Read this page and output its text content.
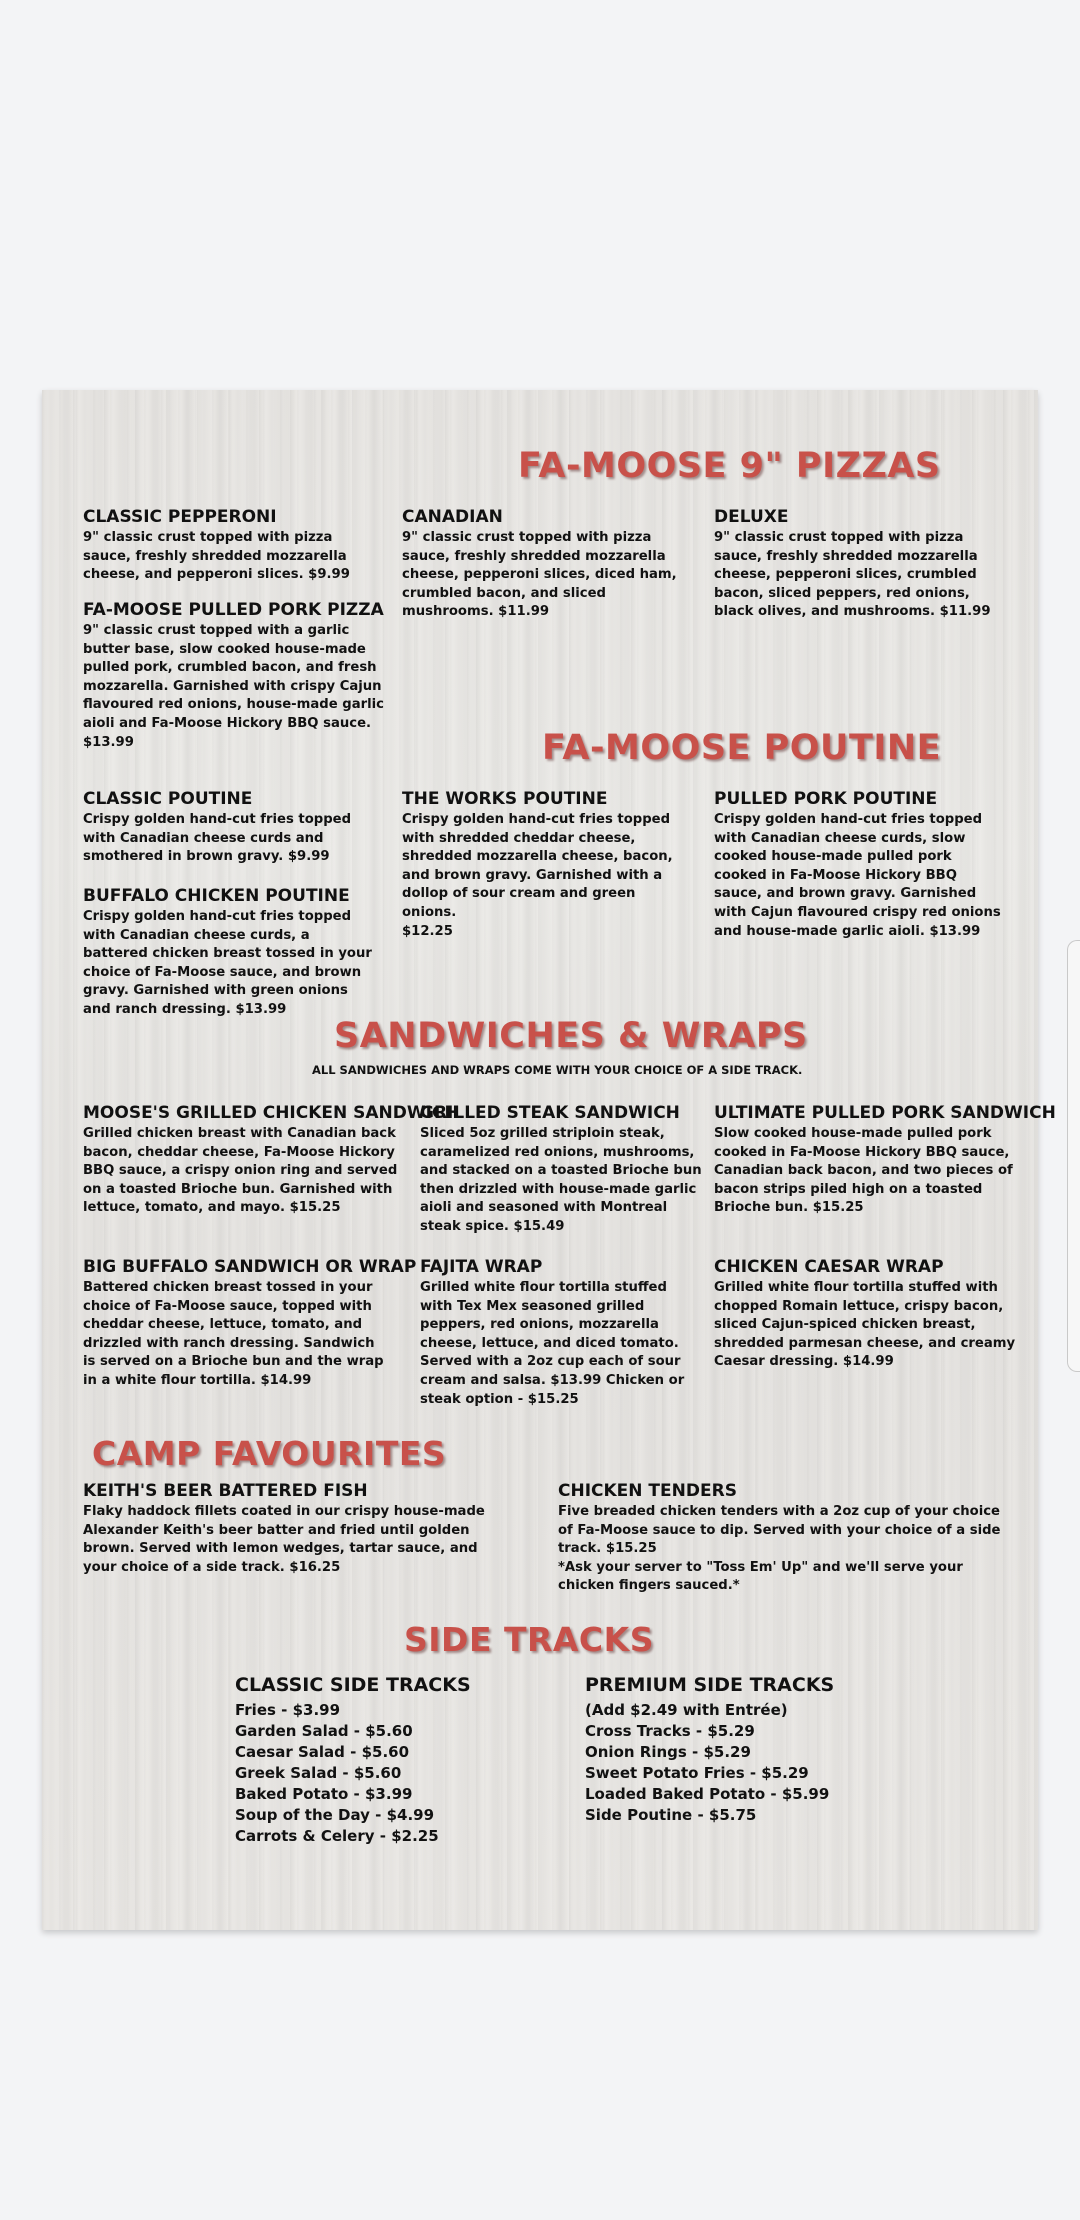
FA-MOOSE 9" PIZZAS

CLASSIC PEPPERONI

9" classic crust topped with pizza sauce, freshly shredded mozzarella cheese, and pepperoni slices. $9.99

CANADIAN

9" classic crust topped with pizza sauce, freshly shredded mozzarella cheese, pepperoni slices, diced ham, crumbled bacon, and sliced mushrooms. $11.99

DELUXE

9" classic crust topped with pizza sauce, freshly shredded mozzarella cheese, pepperoni slices, crumbled bacon, sliced peppers, red onions, black olives, and mushrooms. $11.99

FA-MOOSE PULLED PORK PIZZA

9" classic crust topped with a garlic butter base, slow cooked house-made pulled pork, crumbled bacon, and fresh mozzarella. Garnished with crispy Cajun flavoured red onions, house-made garlic aioli and Fa-Moose Hickory BBQ sauce. $13.99	FA-MOOSE POUTINE

CLASSIC POUTINE

Crispy golden hand-cut fries topped with Canadian cheese curds and smothered in brown gravy. $9.99

THE WORKS POUTINE

Crispy golden hand-cut fries topped with shredded cheddar cheese, shredded mozzarella cheese, bacon, and brown gravy. Garnished with a dollop of sour cream and green onions.

$12.25

PULLED PORK POUTINE

Crispy golden hand-cut fries topped with Canadian cheese curds, slow cooked house-made pulled pork cooked in Fa-Moose Hickory BBQ sauce, and brown gravy. Garnished with Cajun flavoured crispy red onions and house-made garlic aioli. $13.99

BUFFALO CHICKEN POUTINE

Crispy golden hand-cut fries topped with Canadian cheese curds, a battered chicken breast tossed in your choice of Fa-Moose sauce, and brown gravy. Garnished with green onions and ranch dressing. $13.99

SANDWICHES & WRAPS

ALL SANDWICHES AND WRAPS COME WITH YOUR CHOICE OF A SIDE TRACK.

MOOSE'S GRILLED CHICKEN SANDWICH

Grilled chicken breast with Canadian back bacon, cheddar cheese, Fa-Moose Hickory BBQ sauce, a crispy onion ring and served on a toasted Brioche bun. Garnished with lettuce, tomato, and mayo. $15.25

GRILLED STEAK SANDWICH

Sliced 5oz grilled striploin steak, caramelized red onions, mushrooms, and stacked on a toasted Brioche bun then drizzled with house-made garlic aioli and seasoned with Montreal steak spice. $15.49

ULTIMATE PULLED PORK SANDWICH

Slow cooked house-made pulled pork cooked in Fa-Moose Hickory BBQ sauce, Canadian back bacon, and two pieces of bacon strips piled high on a toasted Brioche bun. $15.25

BIG BUFFALO SANDWICH OR WRAP

Battered chicken breast tossed in your choice of Fa-Moose sauce, topped with cheddar cheese, lettuce, tomato, and drizzled with ranch dressing. Sandwich is served on a Brioche bun and the wrap in a white flour tortilla. $14.99

FAJITA WRAP

Grilled white flour tortilla stuffed with Tex Mex seasoned grilled peppers, red onions, mozzarella cheese, lettuce, and diced tomato. Served with a 2oz cup each of sour cream and salsa. $13.99 Chicken or steak option - $15.25

CHICKEN CAESAR WRAP

Grilled white flour tortilla stuffed with chopped Romain lettuce, crispy bacon, sliced Cajun-spiced chicken breast, shredded parmesan cheese, and creamy Caesar dressing. $14.99

CAMP FAVOURITES

KEITH'S BEER BATTERED FISH

Flaky haddock fillets coated in our crispy house-made Alexander Keith's beer batter and fried until golden brown. Served with lemon wedges, tartar sauce, and your choice of a side track. $16.25

CHICKEN TENDERS

Five breaded chicken tenders with a 2oz cup of your choice of Fa-Moose sauce to dip. Served with your choice of a side track. $15.25

*Ask your server to "Toss Em' Up" and we'll serve your chicken fingers sauced.*

SIDE TRACKS

CLASSIC SIDE TRACKS

Fries - $3.99

Garden Salad - $5.60

Caesar Salad - $5.60

Greek Salad - $5.60

Baked Potato - $3.99

Soup of the Day - $4.99

Carrots & Celery - $2.25

PREMIUM SIDE TRACKS

(Add $2.49 with Entrée)

Cross Tracks - $5.29

Onion Rings - $5.29

Sweet Potato Fries - $5.29

Loaded Baked Potato - $5.99

Side Poutine - $5.75
